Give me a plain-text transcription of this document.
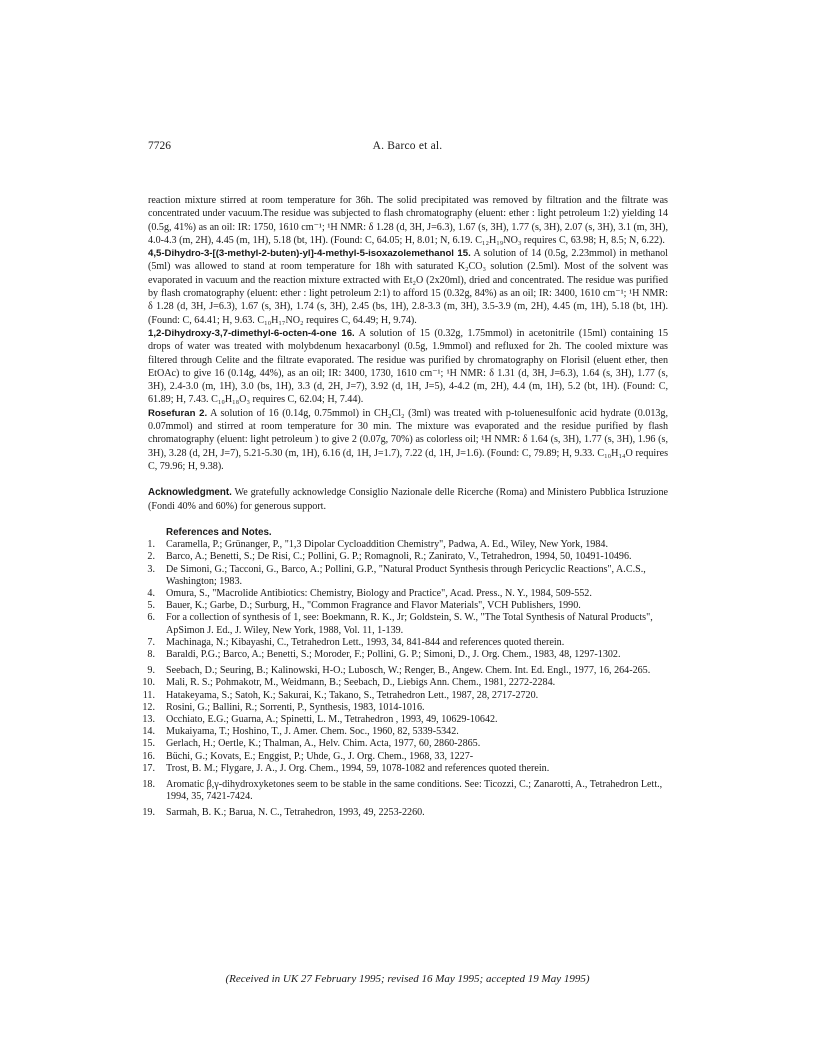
7726	A. Barco et al.

reaction mixture stirred at room temperature for 36h. The solid precipitated was removed by filtration and the filtrate was concentrated under vacuum.The residue was subjected to flash chromatography (eluent: ether : light petroleum 1:2) yielding 14 (0.5g, 41%) as an oil: IR: 1750, 1610 cm⁻¹; ¹H NMR: δ 1.28 (d, 3H, J=6.3), 1.67 (s, 3H), 1.77 (s, 3H), 2.07 (s, 3H), 3.1 (m, 3H), 4.0-4.3 (m, 2H), 4.45 (m, 1H), 5.18 (bt, 1H). (Found: C, 64.05; H, 8.01; N, 6.19. C₁₂H₁₉NO₃ requires C, 63.98; H, 8.5; N, 6.22).

4,5-Dihydro-3-[(3-methyl-2-buten)-yl]-4-methyl-5-isoxazolemethanol 15. A solution of 14 (0.5g, 2.23mmol) in methanol (5ml) was allowed to stand at room temperature for 18h with saturated K₂CO₃ solution (2.5ml). Most of the solvent was evaporated in vacuum and the reaction mixture extracted with Et₂O (2x20ml), dried and concentrated. The residue was purified by flash cromatography (eluent: ether : light petroleum 2:1) to afford 15 (0.32g, 84%) as an oil; IR: 3400, 1610 cm⁻¹; ¹H NMR: δ 1.28 (d, 3H, J=6.3), 1.67 (s, 3H), 1.74 (s, 3H), 2.45 (bs, 1H), 2.8-3.3 (m, 3H), 3.5-3.9 (m, 2H), 4.45 (m, 1H), 5.18 (bt, 1H). (Found: C, 64.41; H, 9.63. C₁₀H₁₇NO₂ requires C, 64.49; H, 9.74).

1,2-Dihydroxy-3,7-dimethyl-6-octen-4-one 16. A solution of 15 (0.32g, 1.75mmol) in acetonitrile (15ml) containing 15 drops of water was treated with molybdenum hexacarbonyl (0.5g, 1.9mmol) and refluxed for 2h. The cooled mixture was filtered through Celite and the filtrate evaporated. The residue was purified by chromatography on Florisil (eluent ether, then EtOAc) to give 16 (0.14g, 44%), as an oil; IR: 3400, 1730, 1610 cm⁻¹; ¹H NMR: δ 1.31 (d, 3H, J=6.3), 1.64 (s, 3H), 1.77 (s, 3H), 2.4-3.0 (m, 1H), 3.0 (bs, 1H), 3.3 (d, 2H, J=7), 3.92 (d, 1H, J=5), 4-4.2 (m, 2H), 4.4 (m, 1H), 5.2 (bt, 1H). (Found: C, 61.89; H, 7.43. C₁₀H₁₈O₃ requires C, 62.04; H, 7.44).

Rosefuran 2. A solution of 16 (0.14g, 0.75mmol) in CH₂Cl₂ (3ml) was treated with p-toluenesulfonic acid hydrate (0.013g, 0.07mmol) and stirred at room temperature for 30 min. The mixture was evaporated and the residue purified by flash chromatography (eluent: light petroleum ) to give 2 (0.07g, 70%) as colorless oil; ¹H NMR: δ 1.64 (s, 3H), 1.77 (s, 3H), 1.96 (s, 3H), 3.28 (d, 2H, J=7), 5.21-5.30 (m, 1H), 6.16 (d, 1H, J=1.7), 7.22 (d, 1H, J=1.6). (Found: C, 79.89; H, 9.33. C₁₀H₁₄O requires C, 79.96; H, 9.38).

Acknowledgment. We gratefully acknowledge Consiglio Nazionale delle Ricerche (Roma) and Ministero Pubblica Istruzione (Fondi 40% and 60%) for generous support.

References and Notes.

1. Caramella, P.; Grünanger, P., "1,3 Dipolar Cycloaddition Chemistry", Padwa, A. Ed., Wiley, New York, 1984.
2. Barco, A.; Benetti, S.; De Risi, C.; Pollini, G. P.; Romagnoli, R.; Zanirato, V., Tetrahedron, 1994, 50, 10491-10496.
3. De Simoni, G.; Tacconi, G., Barco, A.; Pollini, G.P., "Natural Product Synthesis through Pericyclic Reactions", A.C.S., Washington; 1983.
4. Omura, S., "Macrolide Antibiotics: Chemistry, Biology and Practice", Acad. Press., N. Y., 1984, 509-552.
5. Bauer, K.; Garbe, D.; Surburg, H., "Common Fragrance and Flavor Materials", VCH Publishers, 1990.
6. For a collection of synthesis of 1, see: Boekmann, R. K., Jr; Goldstein, S. W., "The Total Synthesis of Natural Products", ApSimon J. Ed., J. Wiley, New York, 1988, Vol. 11, 1-139.
7. Machinaga, N.; Kibayashi, C., Tetrahedron Lett., 1993, 34, 841-844 and references quoted therein.
8. Baraldi, P.G.; Barco, A.; Benetti, S.; Moroder, F.; Pollini, G. P.; Simoni, D., J. Org. Chem., 1983, 48, 1297-1302.
9. Seebach, D.; Seuring, B.; Kalinowski, H-O.; Lubosch, W.; Renger, B., Angew. Chem. Int. Ed. Engl., 1977, 16, 264-265.
10. Mali, R. S.; Pohmakotr, M., Weidmann, B.; Seebach, D., Liebigs Ann. Chem., 1981, 2272-2284.
11. Hatakeyama, S.; Satoh, K.; Sakurai, K.; Takano, S., Tetrahedron Lett., 1987, 28, 2717-2720.
12. Rosini, G.; Ballini, R.; Sorrenti, P., Synthesis, 1983, 1014-1016.
13. Occhiato, E.G.; Guarna, A.; Spinetti, L. M., Tetrahedron , 1993, 49, 10629-10642.
14. Mukaiyama, T.; Hoshino, T., J. Amer. Chem. Soc., 1960, 82, 5339-5342.
15. Gerlach, H.; Oertle, K.; Thalman, A., Helv. Chim. Acta, 1977, 60, 2860-2865.
16. Büchi, G.; Kovats, E.; Enggist, P.; Uhde, G., J. Org. Chem., 1968, 33, 1227-
17. Trost, B. M.; Flygare, J. A., J. Org. Chem., 1994, 59, 1078-1082 and references quoted therein.
18. Aromatic β,γ-dihydroxyketones seem to be stable in the same conditions. See: Ticozzi, C.; Zanarotti, A., Tetrahedron Lett., 1994, 35, 7421-7424.
19. Sarmah, B. K.; Barua, N. C., Tetrahedron, 1993, 49, 2253-2260.
(Received in UK 27 February 1995; revised 16 May 1995; accepted 19 May 1995)
